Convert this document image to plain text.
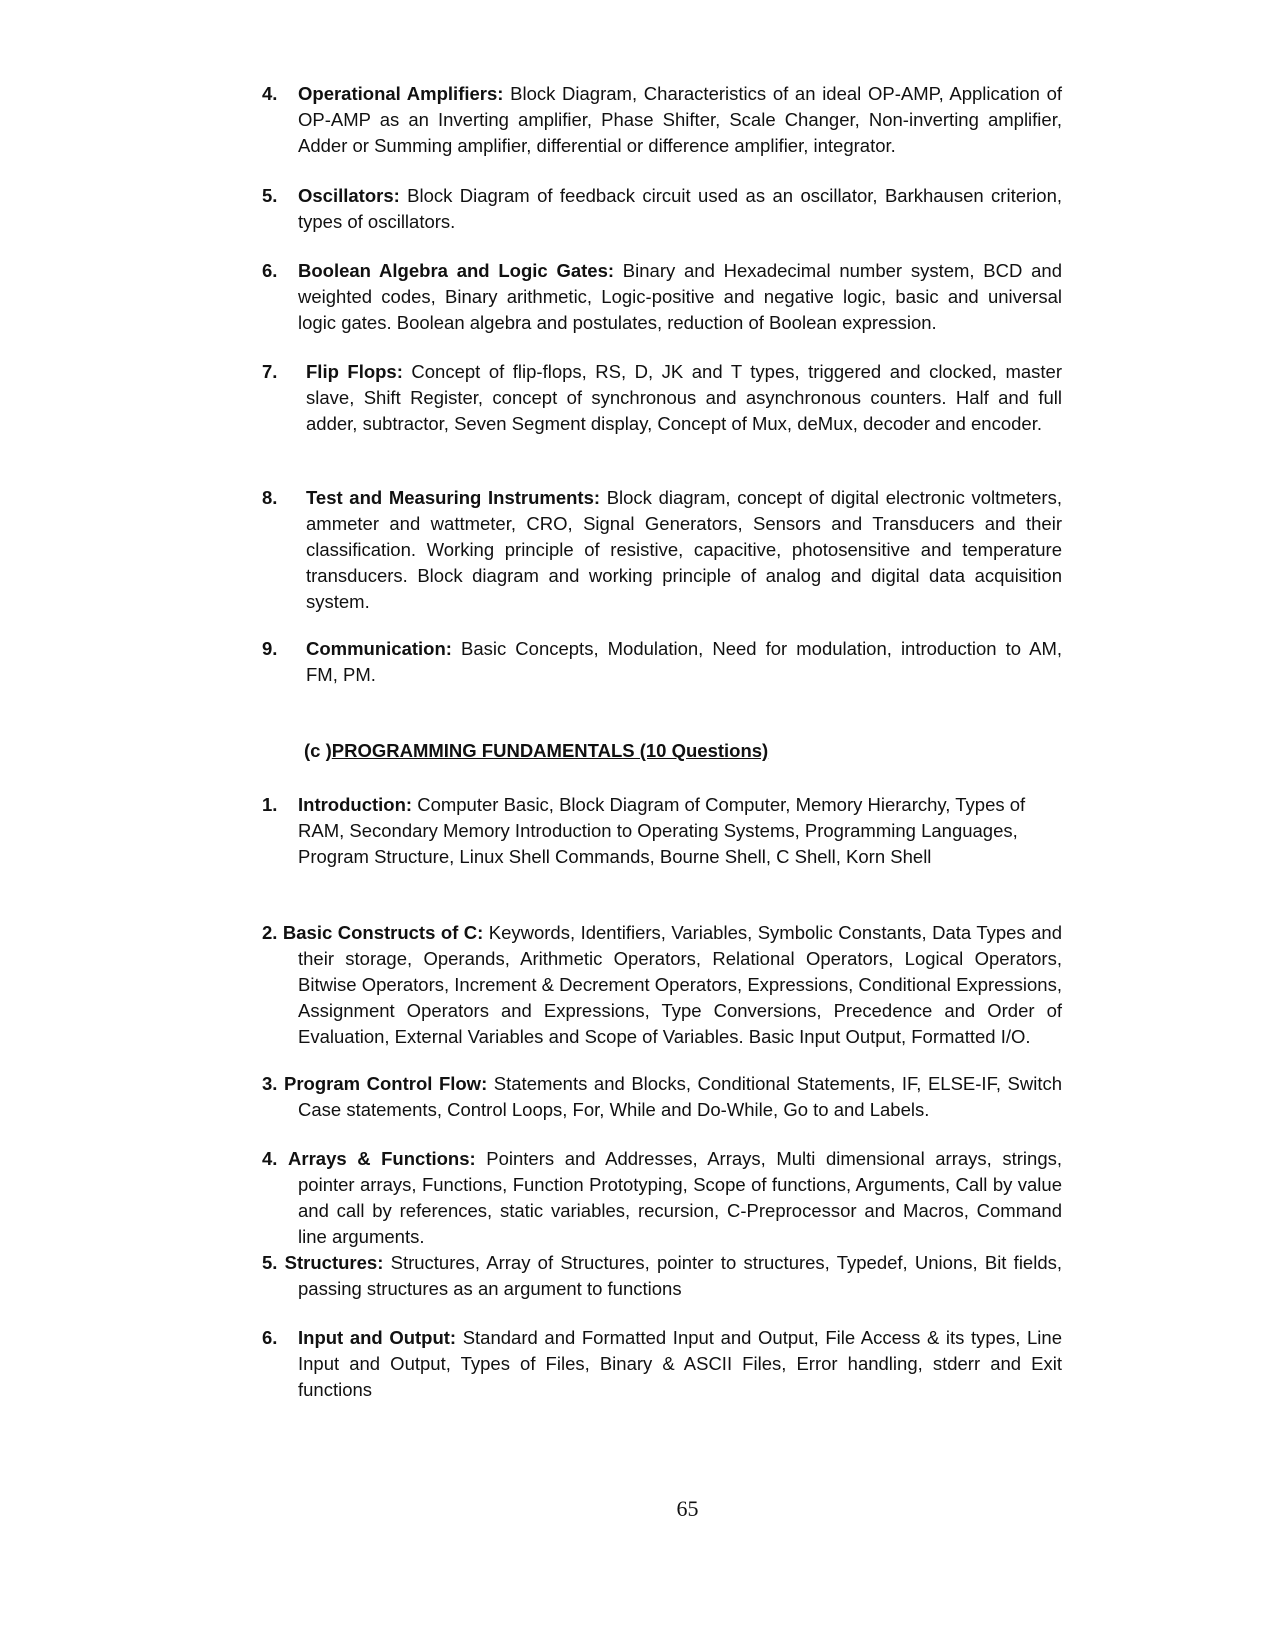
4. Operational Amplifiers: Block Diagram, Characteristics of an ideal OP-AMP, Application of OP-AMP as an Inverting amplifier, Phase Shifter, Scale Changer, Non-inverting amplifier, Adder or Summing amplifier, differential or difference amplifier, integrator.
5. Oscillators: Block Diagram of feedback circuit used as an oscillator, Barkhausen criterion, types of oscillators.
6. Boolean Algebra and Logic Gates: Binary and Hexadecimal number system, BCD and weighted codes, Binary arithmetic, Logic-positive and negative logic, basic and universal logic gates. Boolean algebra and postulates, reduction of Boolean expression.
7. Flip Flops: Concept of flip-flops, RS, D, JK and T types, triggered and clocked, master slave, Shift Register, concept of synchronous and asynchronous counters. Half and full adder, subtractor, Seven Segment display, Concept of Mux, deMux, decoder and encoder.
8. Test and Measuring Instruments: Block diagram, concept of digital electronic voltmeters, ammeter and wattmeter, CRO, Signal Generators, Sensors and Transducers and their classification. Working principle of resistive, capacitive, photosensitive and temperature transducers. Block diagram and working principle of analog and digital data acquisition system.
9. Communication: Basic Concepts, Modulation, Need for modulation, introduction to AM, FM, PM.
(c )PROGRAMMING FUNDAMENTALS (10 Questions)
1. Introduction: Computer Basic, Block Diagram of Computer, Memory Hierarchy, Types of RAM, Secondary Memory Introduction to Operating Systems, Programming Languages, Program Structure, Linux Shell Commands, Bourne Shell, C Shell, Korn Shell
2. Basic Constructs of C: Keywords, Identifiers, Variables, Symbolic Constants, Data Types and their storage, Operands, Arithmetic Operators, Relational Operators, Logical Operators, Bitwise Operators, Increment & Decrement Operators, Expressions, Conditional Expressions, Assignment Operators and Expressions, Type Conversions, Precedence and Order of Evaluation, External Variables and Scope of Variables. Basic Input Output, Formatted I/O.
3. Program Control Flow: Statements and Blocks, Conditional Statements, IF, ELSE-IF, Switch Case statements, Control Loops, For, While and Do-While, Go to and Labels.
4. Arrays & Functions: Pointers and Addresses, Arrays, Multi dimensional arrays, strings, pointer arrays, Functions, Function Prototyping, Scope of functions, Arguments, Call by value and call by references, static variables, recursion, C-Preprocessor and Macros, Command line arguments.
5. Structures: Structures, Array of Structures, pointer to structures, Typedef, Unions, Bit fields, passing structures as an argument to functions
6. Input and Output: Standard and Formatted Input and Output, File Access & its types, Line Input and Output, Types of Files, Binary & ASCII Files, Error handling, stderr and Exit functions
65
